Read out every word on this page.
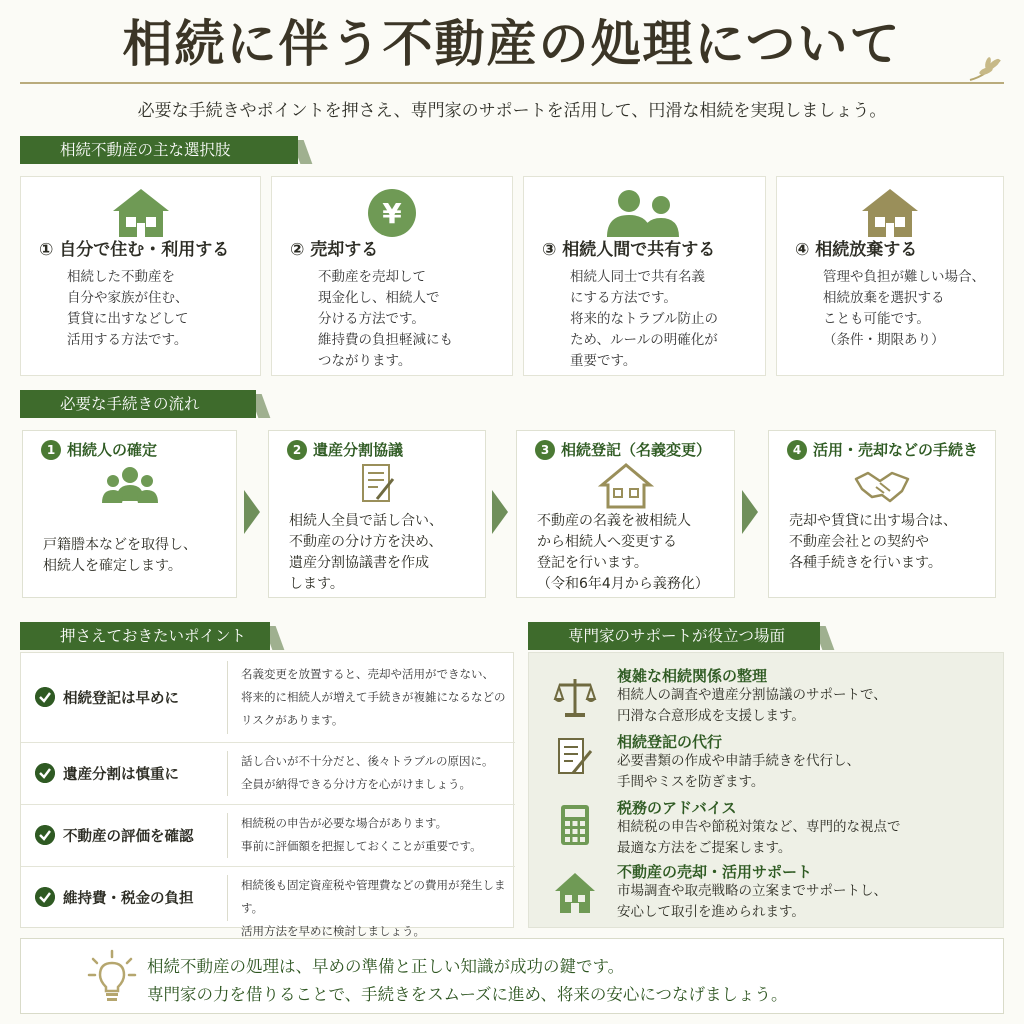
相続に伴う不動産の処理について
必要な手続きやポイントを押さえ、専門家のサポートを活用して、円滑な相続を実現しましょう。
相続不動産の主な選択肢
① 自分で住む・利用する
相続した不動産を
自分や家族が住む、
賃貸に出すなどして
活用する方法です。
¥
② 売却する
不動産を売却して
現金化し、相続人で
分ける方法です。
維持費の負担軽減にも
つながります。
③ 相続人間で共有する
相続人同士で共有名義
にする方法です。
将来的なトラブル防止の
ため、ルールの明確化が
重要です。
④ 相続放棄する
管理や負担が難しい場合、
相続放棄を選択する
ことも可能です。
（条件・期限あり）
必要な手続きの流れ
1 相続人の確定
戸籍謄本などを取得し、
相続人を確定します。
2 遺産分割協議
相続人全員で話し合い、
不動産の分け方を決め、
遺産分割協議書を作成
します。
3 相続登記（名義変更）
不動産の名義を被相続人
から相続人へ変更する
登記を行います。
（令和6年4月から義務化）
4 活用・売却などの手続き
売却や賃貸に出す場合は、
不動産会社との契約や
各種手続きを行います。
押さえておきたいポイント
相続登記は早めに
名義変更を放置すると、売却や活用ができない、
将来的に相続人が増えて手続きが複雑になるなどの
リスクがあります。
遺産分割は慎重に
話し合いが不十分だと、後々トラブルの原因に。
全員が納得できる分け方を心がけましょう。
不動産の評価を確認
相続税の申告が必要な場合があります。
事前に評価額を把握しておくことが重要です。
維持費・税金の負担
相続後も固定資産税や管理費などの費用が発生します。
活用方法を早めに検討しましょう。
専門家のサポートが役立つ場面
複雑な相続関係の整理
相続人の調査や遺産分割協議のサポートで、
円滑な合意形成を支援します。
相続登記の代行
必要書類の作成や申請手続きを代行し、
手間やミスを防ぎます。
税務のアドバイス
相続税の申告や節税対策など、専門的な視点で
最適な方法をご提案します。
不動産の売却・活用サポート
市場調査や取売戦略の立案までサポートし、
安心して取引を進められます。
相続不動産の処理は、早めの準備と正しい知識が成功の鍵です。
専門家の力を借りることで、手続きをスムーズに進め、将来の安心につなげましょう。
